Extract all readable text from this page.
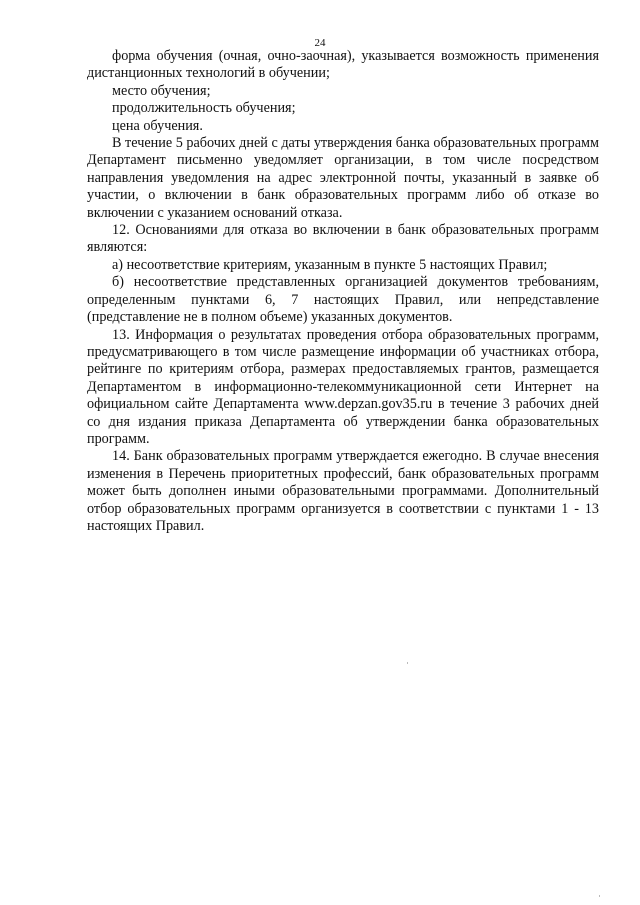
24

форма обучения (очная, очно-заочная), указывается возможность применения дистанционных технологий в обучении;

место обучения;

продолжительность обучения;

цена обучения.

В течение 5 рабочих дней с даты утверждения банка образовательных программ Департамент письменно уведомляет организации, в том числе посредством направления уведомления на адрес электронной почты, указанный в заявке об участии, о включении в банк образовательных программ либо об отказе во включении с указанием оснований отказа.

12. Основаниями для отказа во включении в банк образовательных программ являются:

а) несоответствие критериям, указанным в пункте 5 настоящих Правил;

б) несоответствие представленных организацией документов требованиям, определенным пунктами 6, 7 настоящих Правил, или непредставление (представление не в полном объеме) указанных документов.

13. Информация о результатах проведения отбора образовательных программ, предусматривающего в том числе размещение информации об участниках отбора, рейтинге по критериям отбора, размерах предоставляемых грантов, размещается Департаментом в информационно-телекоммуникационной сети Интернет на официальном сайте Департамента www.depzan.gov35.ru в течение 3 рабочих дней со дня издания приказа Департамента об утверждении банка образовательных программ.

14. Банк образовательных программ утверждается ежегодно. В случае внесения изменения в Перечень приоритетных профессий, банк образовательных программ может быть дополнен иными образовательными программами. Дополнительный отбор образовательных программ организуется в соответствии с пунктами 1 - 13 настоящих Правил.
